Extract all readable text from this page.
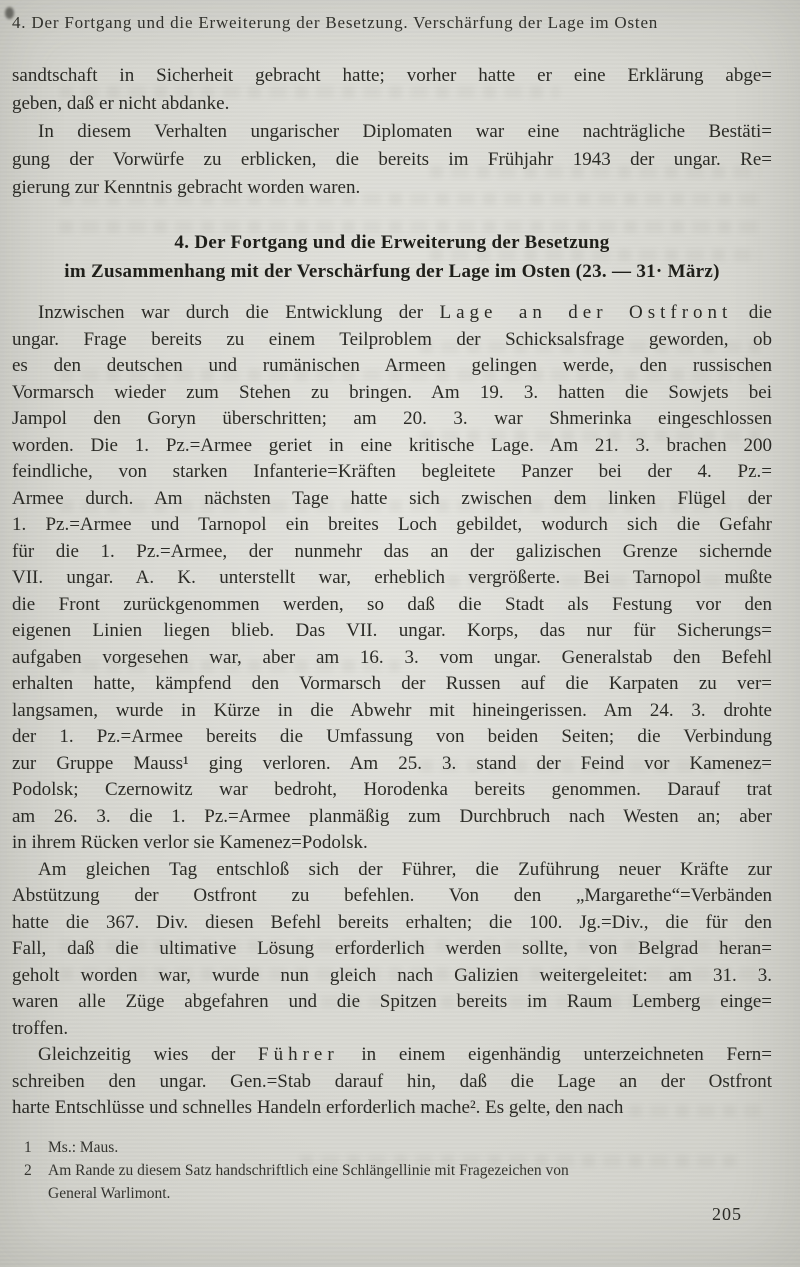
4. Der Fortgang und die Erweiterung der Besetzung. Verschärfung der Lage im Osten
sandtschaft in Sicherheit gebracht hatte; vorher hatte er eine Erklärung abge=
geben, daß er nicht abdanke.
In diesem Verhalten ungarischer Diplomaten war eine nachträgliche Bestäti=
gung der Vorwürfe zu erblicken, die bereits im Frühjahr 1943 der ungar. Re=
gierung zur Kenntnis gebracht worden waren.
4. Der Fortgang und die Erweiterung der Besetzung
im Zusammenhang mit der Verschärfung der Lage im Osten (23. — 31· März)
Inzwischen war durch die Entwicklung der Lage an der Ostfront die
ungar. Frage bereits zu einem Teilproblem der Schicksalsfrage geworden, ob
es den deutschen und rumänischen Armeen gelingen werde, den russischen
Vormarsch wieder zum Stehen zu bringen. Am 19. 3. hatten die Sowjets bei
Jampol den Goryn überschritten; am 20. 3. war Shmerinka eingeschlossen
worden. Die 1. Pz.=Armee geriet in eine kritische Lage. Am 21. 3. brachen 200
feindliche, von starken Infanterie=Kräften begleitete Panzer bei der 4. Pz.=
Armee durch. Am nächsten Tage hatte sich zwischen dem linken Flügel der
1. Pz.=Armee und Tarnopol ein breites Loch gebildet, wodurch sich die Gefahr
für die 1. Pz.=Armee, der nunmehr das an der galizischen Grenze sichernde
VII. ungar. A. K. unterstellt war, erheblich vergrößerte. Bei Tarnopol mußte
die Front zurückgenommen werden, so daß die Stadt als Festung vor den
eigenen Linien liegen blieb. Das VII. ungar. Korps, das nur für Sicherungs=
aufgaben vorgesehen war, aber am 16. 3. vom ungar. Generalstab den Befehl
erhalten hatte, kämpfend den Vormarsch der Russen auf die Karpaten zu ver=
langsamen, wurde in Kürze in die Abwehr mit hineingerissen. Am 24. 3. drohte
der 1. Pz.=Armee bereits die Umfassung von beiden Seiten; die Verbindung
zur Gruppe Mauss¹ ging verloren. Am 25. 3. stand der Feind vor Kamenez=
Podolsk; Czernowitz war bedroht, Horodenka bereits genommen. Darauf trat
am 26. 3. die 1. Pz.=Armee planmäßig zum Durchbruch nach Westen an; aber
in ihrem Rücken verlor sie Kamenez=Podolsk.
Am gleichen Tag entschloß sich der Führer, die Zuführung neuer Kräfte zur
Abstützung der Ostfront zu befehlen. Von den „Margarethe“=Verbänden
hatte die 367. Div. diesen Befehl bereits erhalten; die 100. Jg.=Div., die für den
Fall, daß die ultimative Lösung erforderlich werden sollte, von Belgrad heran=
geholt worden war, wurde nun gleich nach Galizien weitergeleitet: am 31. 3.
waren alle Züge abgefahren und die Spitzen bereits im Raum Lemberg einge=
troffen.
Gleichzeitig wies der Führer in einem eigenhändig unterzeichneten Fern=
schreiben den ungar. Gen.=Stab darauf hin, daß die Lage an der Ostfront
harte Entschlüsse und schnelles Handeln erforderlich mache². Es gelte, den nach
1	Ms.: Maus.
2	Am Rande zu diesem Satz handschriftlich eine Schlängellinie mit Fragezeichen von
General Warlimont.
205
